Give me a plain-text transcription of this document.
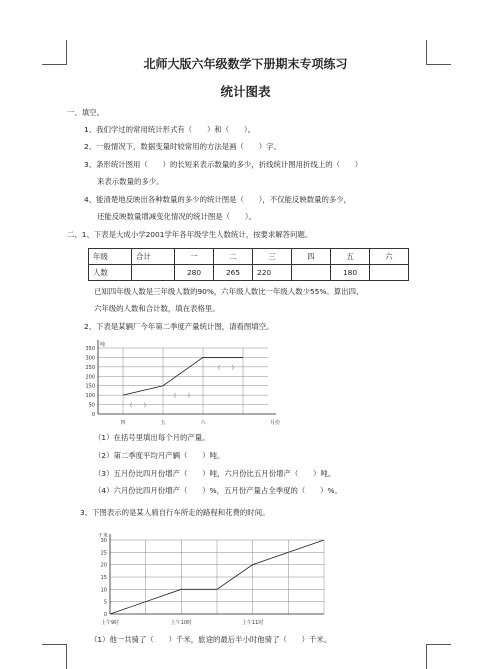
北师大版六年级数学下册期末专项练习
统计图表
一、填空。
1、我们学过的常用统计形式有（　　）和（　　）。
2、一般情况下，数据变量时较常用的方法是画（　　）字。
3、条形统计图用（　　）的长短来表示数量的多少，折线统计图用折线上的（　　）
来表示数量的多少。
4、能清楚地反映出各种数量的多少的统计图是（　　），不仅能反映数量的多少，
还能反映数量增减变化情况的统计图是（　　）。
二、1、下表是大成小学2001学年各年级学生人数统计，按要求解答问题。
年级	合计	一	二	三	四	五	六
人数		280	265	220		180	
已知四年级人数是三年级人数的90%，六年级人数比一年级人数少55%。算出四、
六年级的人数和合计数，填在表格里。
2、下表是某辆厂今年第二季度产量统计图，请看图填空。
0
50
100
150
200
250
300
350
吨
月份
四	五	六
（　　）
（　　）
（　　）
（1）在括号里填出每个月的产量。
（2）第二季度平均月产辆（　　）吨。
（3）五月份比四月份增产（　　）吨，六月份比五月份增产（　　）吨。
（4）六月份比四月份增产（　　）%，五月份产量占全季度的（　　）%。
3、下图表示的是某人骑自行车所走的路程和花费的时间。
0
5
10
15
20
25
30
千米
上午9时	上午10时	上午11时
（1）他一共骑了（　　）千米，旅途的最后半小时他骑了（　　）千米。
